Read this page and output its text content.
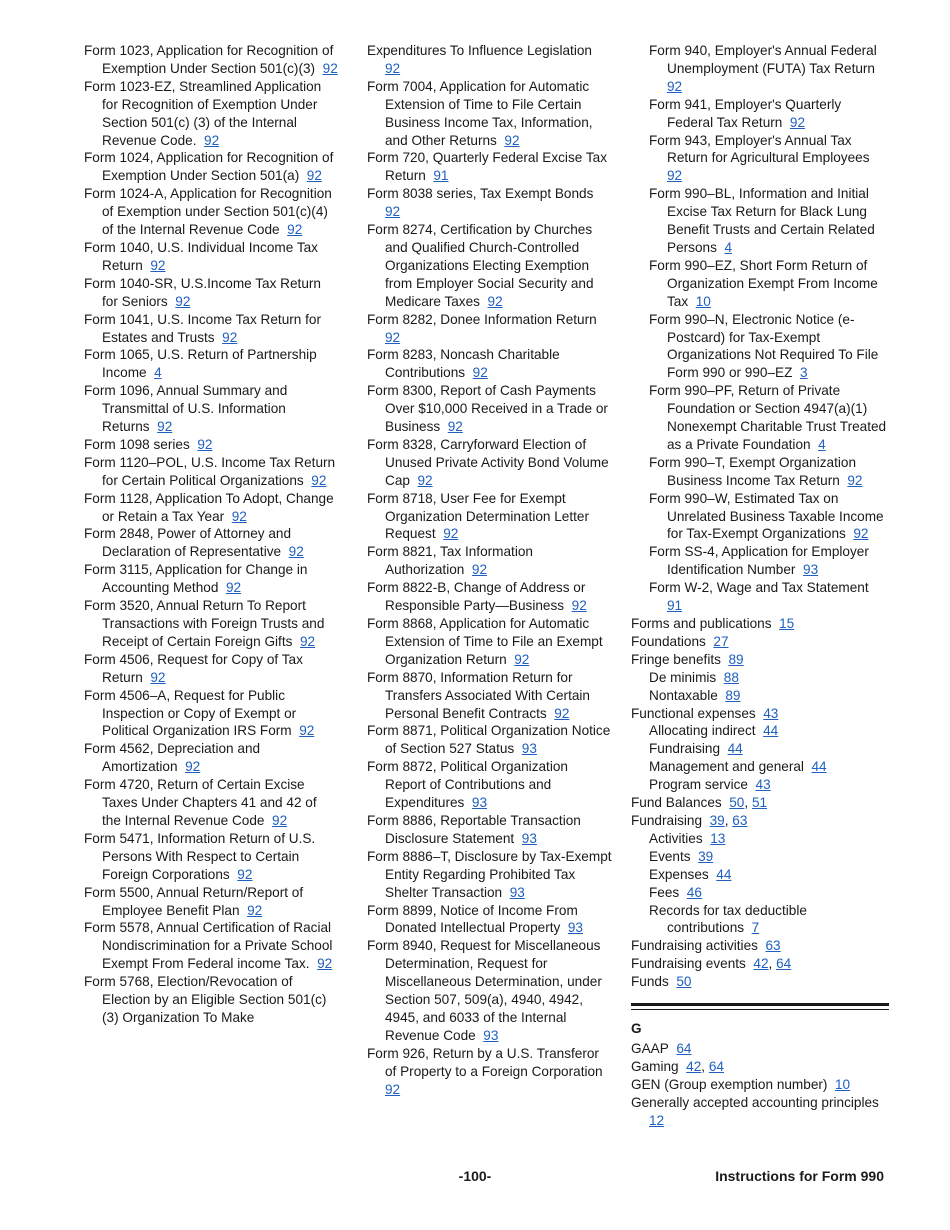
Form 1023, Application for Recognition of Exemption Under Section 501(c)(3) 92
Form 1023-EZ, Streamlined Application for Recognition of Exemption Under Section 501(c) (3) of the Internal Revenue Code. 92
Form 1024, Application for Recognition of Exemption Under Section 501(a) 92
Form 1024-A, Application for Recognition of Exemption under Section 501(c)(4) of the Internal Revenue Code 92
Form 1040, U.S. Individual Income Tax Return 92
Form 1040-SR, U.S.Income Tax Return for Seniors 92
Form 1041, U.S. Income Tax Return for Estates and Trusts 92
Form 1065, U.S. Return of Partnership Income 4
Form 1096, Annual Summary and Transmittal of U.S. Information Returns 92
Form 1098 series 92
Form 1120–POL, U.S. Income Tax Return for Certain Political Organizations 92
Form 1128, Application To Adopt, Change or Retain a Tax Year 92
Form 2848, Power of Attorney and Declaration of Representative 92
Form 3115, Application for Change in Accounting Method 92
Form 3520, Annual Return To Report Transactions with Foreign Trusts and Receipt of Certain Foreign Gifts 92
Form 4506, Request for Copy of Tax Return 92
Form 4506–A, Request for Public Inspection or Copy of Exempt or Political Organization IRS Form 92
Form 4562, Depreciation and Amortization 92
Form 4720, Return of Certain Excise Taxes Under Chapters 41 and 42 of the Internal Revenue Code 92
Form 5471, Information Return of U.S. Persons With Respect to Certain Foreign Corporations 92
Form 5500, Annual Return/Report of Employee Benefit Plan 92
Form 5578, Annual Certification of Racial Nondiscrimination for a Private School Exempt From Federal income Tax. 92
Form 5768, Election/Revocation of Election by an Eligible Section 501(c)(3) Organization To Make
Expenditures To Influence Legislation  92
Form 7004, Application for Automatic Extension of Time to File Certain Business Income Tax, Information, and Other Returns 92
Form 720, Quarterly Federal Excise Tax Return 91
Form 8038 series, Tax Exempt Bonds  92
Form 8274, Certification by Churches and Qualified Church-Controlled Organizations Electing Exemption from Employer Social Security and Medicare Taxes 92
Form 8282, Donee Information Return  92
Form 8283, Noncash Charitable Contributions 92
Form 8300, Report of Cash Payments Over $10,000 Received in a Trade or Business 92
Form 8328, Carryforward Election of Unused Private Activity Bond Volume Cap 92
Form 8718, User Fee for Exempt Organization Determination Letter Request 92
Form 8821, Tax Information Authorization 92
Form 8822-B, Change of Address or Responsible Party—Business 92
Form 8868, Application for Automatic Extension of Time to File an Exempt Organization Return 92
Form 8870, Information Return for Transfers Associated With Certain Personal Benefit Contracts 92
Form 8871, Political Organization Notice of Section 527 Status 93
Form 8872, Political Organization Report of Contributions and Expenditures 93
Form 8886, Reportable Transaction Disclosure Statement 93
Form 8886–T, Disclosure by Tax-Exempt Entity Regarding Prohibited Tax Shelter Transaction 93
Form 8899, Notice of Income From Donated Intellectual Property 93
Form 8940, Request for Miscellaneous Determination, Request for Miscellaneous Determination, under Section 507, 509(a), 4940, 4942, 4945, and 6033 of the Internal Revenue Code 93
Form 926, Return by a U.S. Transferor of Property to a Foreign Corporation  92
Form 940, Employer's Annual Federal Unemployment (FUTA) Tax Return  92
Form 941, Employer's Quarterly Federal Tax Return 92
Form 943, Employer's Annual Tax Return for Agricultural Employees  92
Form 990–BL, Information and Initial Excise Tax Return for Black Lung Benefit Trusts and Certain Related Persons 4
Form 990–EZ, Short Form Return of Organization Exempt From Income Tax 10
Form 990–N, Electronic Notice (e-Postcard) for Tax-Exempt Organizations Not Required To File Form 990 or 990–EZ 3
Form 990–PF, Return of Private Foundation or Section 4947(a)(1) Nonexempt Charitable Trust Treated as a Private Foundation 4
Form 990–T, Exempt Organization Business Income Tax Return 92
Form 990–W, Estimated Tax on Unrelated Business Taxable Income for Tax-Exempt Organizations 92
Form SS-4, Application for Employer Identification Number 93
Form W-2, Wage and Tax Statement  91
Forms and publications 15
Foundations 27
Fringe benefits 89
De minimis 88
Nontaxable 89
Functional expenses 43
Allocating indirect 44
Fundraising 44
Management and general 44
Program service 43
Fund Balances 50, 51
Fundraising 39, 63
Activities 13
Events 39
Expenses 44
Fees 46
Records for tax deductible contributions 7
Fundraising activities 63
Fundraising events 42, 64
Funds 50
G
GAAP 64
Gaming 42, 64
GEN (Group exemption number) 10
Generally accepted accounting principles  12
-100-	Instructions for Form 990
